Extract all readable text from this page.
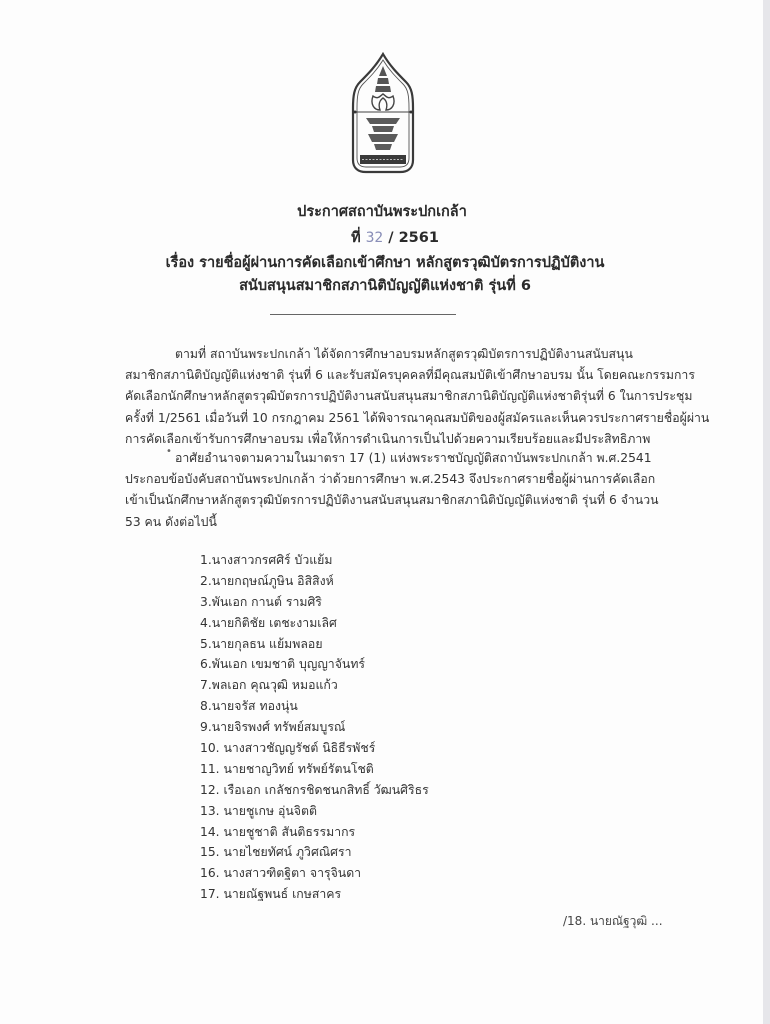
ประกาศสถาบันพระปกเกล้า
ที่ 32 / 2561
เรื่อง รายชื่อผู้ผ่านการคัดเลือกเข้าศึกษา หลักสูตรวุฒิบัตรการปฏิบัติงาน
สนับสนุนสมาชิกสภานิติบัญญัติแห่งชาติ รุ่นที่ 6
ตามที่ สถาบันพระปกเกล้า ได้จัดการศึกษาอบรมหลักสูตรวุฒิบัตรการปฏิบัติงานสนับสนุน
สมาชิกสภานิติบัญญัติแห่งชาติ รุ่นที่ 6 และรับสมัครบุคคลที่มีคุณสมบัติเข้าศึกษาอบรม นั้น โดยคณะกรรมการ
คัดเลือกนักศึกษาหลักสูตรวุฒิบัตรการปฏิบัติงานสนับสนุนสมาชิกสภานิติบัญญัติแห่งชาติรุ่นที่ 6 ในการประชุม
ครั้งที่ 1/2561 เมื่อวันที่ 10 กรกฎาคม 2561 ได้พิจารณาคุณสมบัติของผู้สมัครและเห็นควรประกาศรายชื่อผู้ผ่าน
การคัดเลือกเข้ารับการศึกษาอบรม เพื่อให้การดำเนินการเป็นไปด้วยความเรียบร้อยและมีประสิทธิภาพ
• อาศัยอำนาจตามความในมาตรา 17 (1) แห่งพระราชบัญญัติสถาบันพระปกเกล้า พ.ศ.2541
ประกอบข้อบังคับสถาบันพระปกเกล้า ว่าด้วยการศึกษา พ.ศ.2543 จึงประกาศรายชื่อผู้ผ่านการคัดเลือก
เข้าเป็นนักศึกษาหลักสูตรวุฒิบัตรการปฏิบัติงานสนับสนุนสมาชิกสภานิติบัญญัติแห่งชาติ รุ่นที่ 6 จำนวน
53 คน ดังต่อไปนี้
1.นางสาวกรศศิร์ บัวแย้ม
2.นายกฤษณ์ภูษิน อิสิสิงห์
3.พันเอก กานต์ รามศิริ
4.นายกิติชัย เตชะงามเลิศ
5.นายกุลธน แย้มพลอย
6.พันเอก เขมชาติ บุญญาจันทร์
7.พลเอก คุณวุฒิ หมอแก้ว
8.นายจรัส ทองนุ่น
9.นายจิรพงศ์ ทรัพย์สมบูรณ์
10. นางสาวชัญญรัชต์ นิธิธีรพัชร์
11. นายชาญวิทย์ ทรัพย์รัตนโชติ
12. เรือเอก เกลัชกรชิดชนกสิทธิ์ วัฒนศิริธร
13. นายชูเกษ อุ่นจิตติ
14. นายชูชาติ สันติธรรมากร
15. นายไชยทัศน์ ภูวิศณิศรา
16. นางสาวฑิตฐิตา จารุจินดา
17. นายณัฐพนธ์ เกษสาคร
/18. นายณัฐวุฒิ ...
